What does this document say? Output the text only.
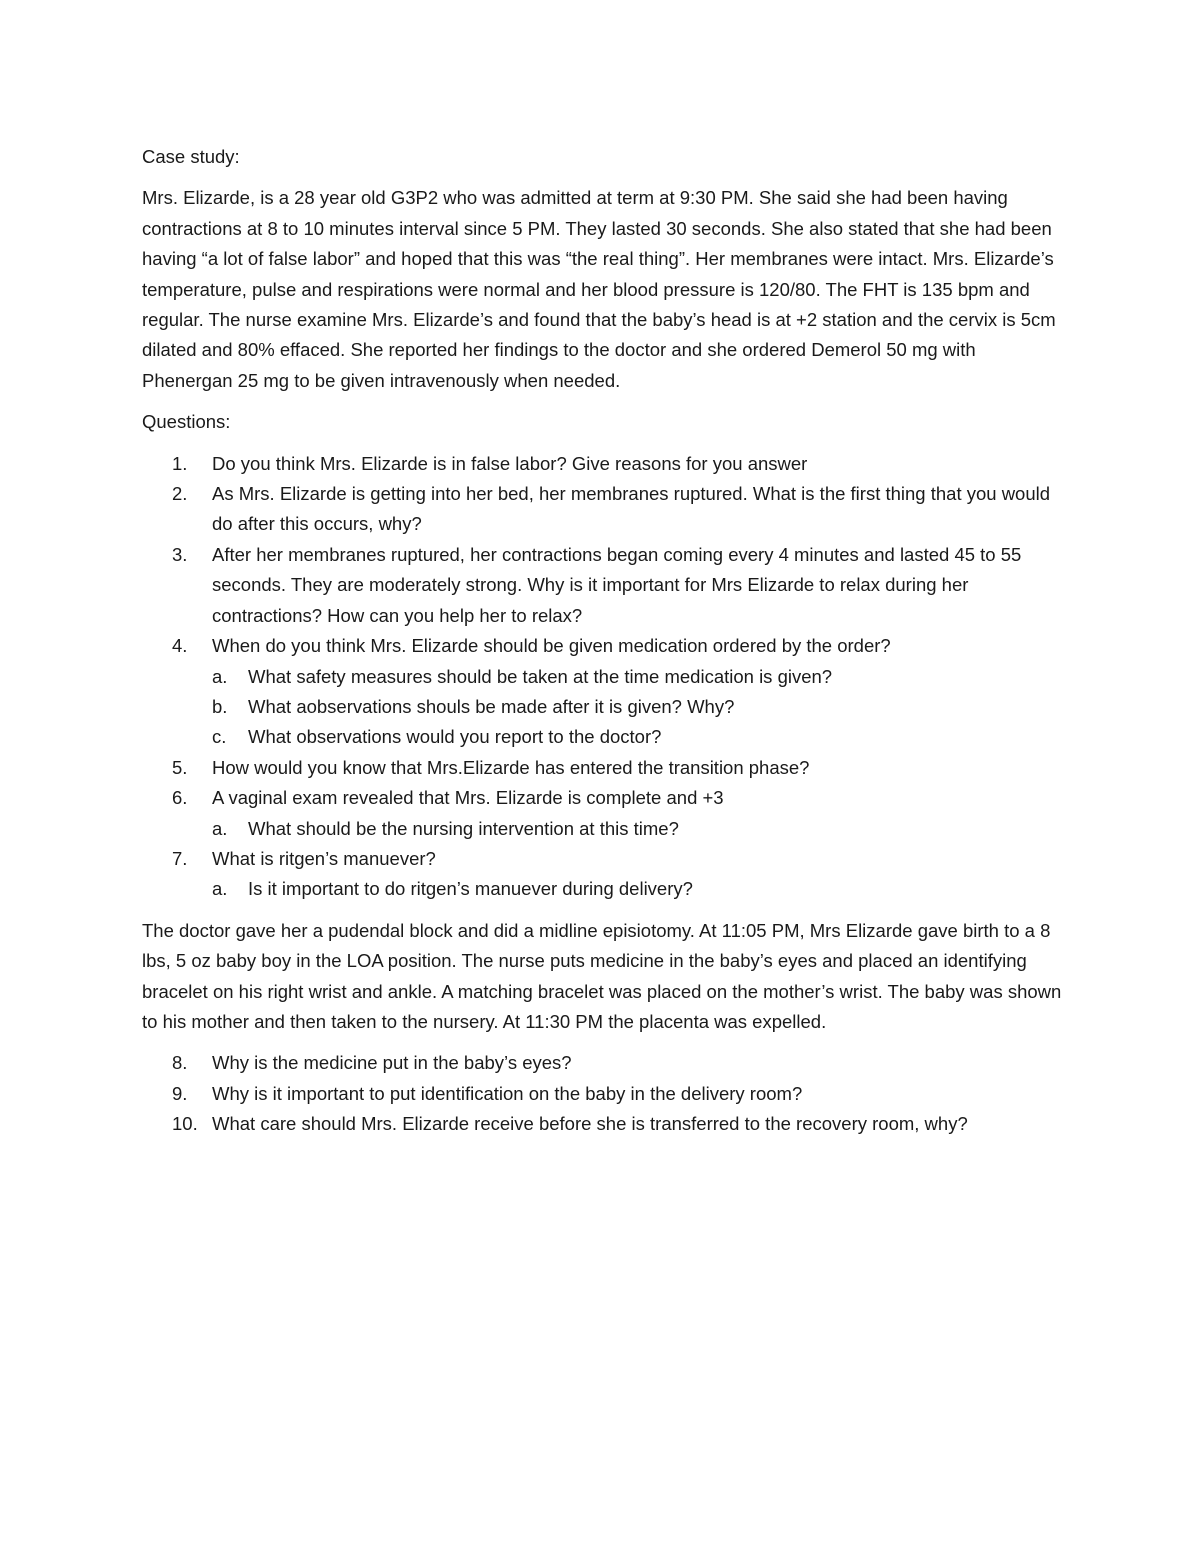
Case study:

Mrs. Elizarde, is a 28 year old G3P2 who was admitted at term at 9:30 PM. She said she had been having contractions at 8 to 10 minutes interval since 5 PM. They lasted 30 seconds. She also stated that she had been having “a lot of false labor” and hoped that this was “the real thing”. Her membranes were intact. Mrs. Elizarde’s temperature, pulse and respirations were normal and her blood pressure is 120/80. The FHT is 135 bpm and regular. The nurse examine Mrs. Elizarde’s and found that the baby’s head is at +2 station and the cervix is 5cm dilated and 80% effaced. She reported her findings to the doctor and she ordered Demerol 50 mg with Phenergan 25 mg to be given intravenously when needed.

Questions:

1. Do you think Mrs. Elizarde is in false labor? Give reasons for you answer
2. As Mrs. Elizarde is getting into her bed, her membranes ruptured. What is the first thing that you would do after this occurs, why?
3. After her membranes ruptured, her contractions began coming every 4 minutes and lasted 45 to 55 seconds. They are moderately strong. Why is it important for Mrs Elizarde to relax during her contractions? How can you help her to relax?
4. When do you think Mrs. Elizarde should be given medication ordered by the order?
a. What safety measures should be taken at the time medication is given?
b. What aobservations shouls be made after it is given? Why?
c. What observations would you report to the doctor?
5. How would you know that Mrs.Elizarde has entered the transition phase?
6. A vaginal exam revealed that Mrs. Elizarde is complete and +3
a. What should be the nursing intervention at this time?
7. What is ritgen’s manuever?
a. Is it important to do ritgen’s manuever during delivery?

The doctor gave her a pudendal block and did a midline episiotomy. At 11:05 PM, Mrs Elizarde gave birth to a 8 lbs, 5 oz baby boy in the LOA position. The nurse puts medicine in the baby’s eyes and placed an identifying bracelet on his right wrist and ankle. A matching bracelet was placed on the mother’s wrist. The baby was shown to his mother and then taken to the nursery. At 11:30 PM the placenta was expelled.

8. Why is the medicine put in the baby’s eyes?
9. Why is it important to put identification on the baby in the delivery room?
10. What care should Mrs. Elizarde receive before she is transferred to the recovery room, why?
